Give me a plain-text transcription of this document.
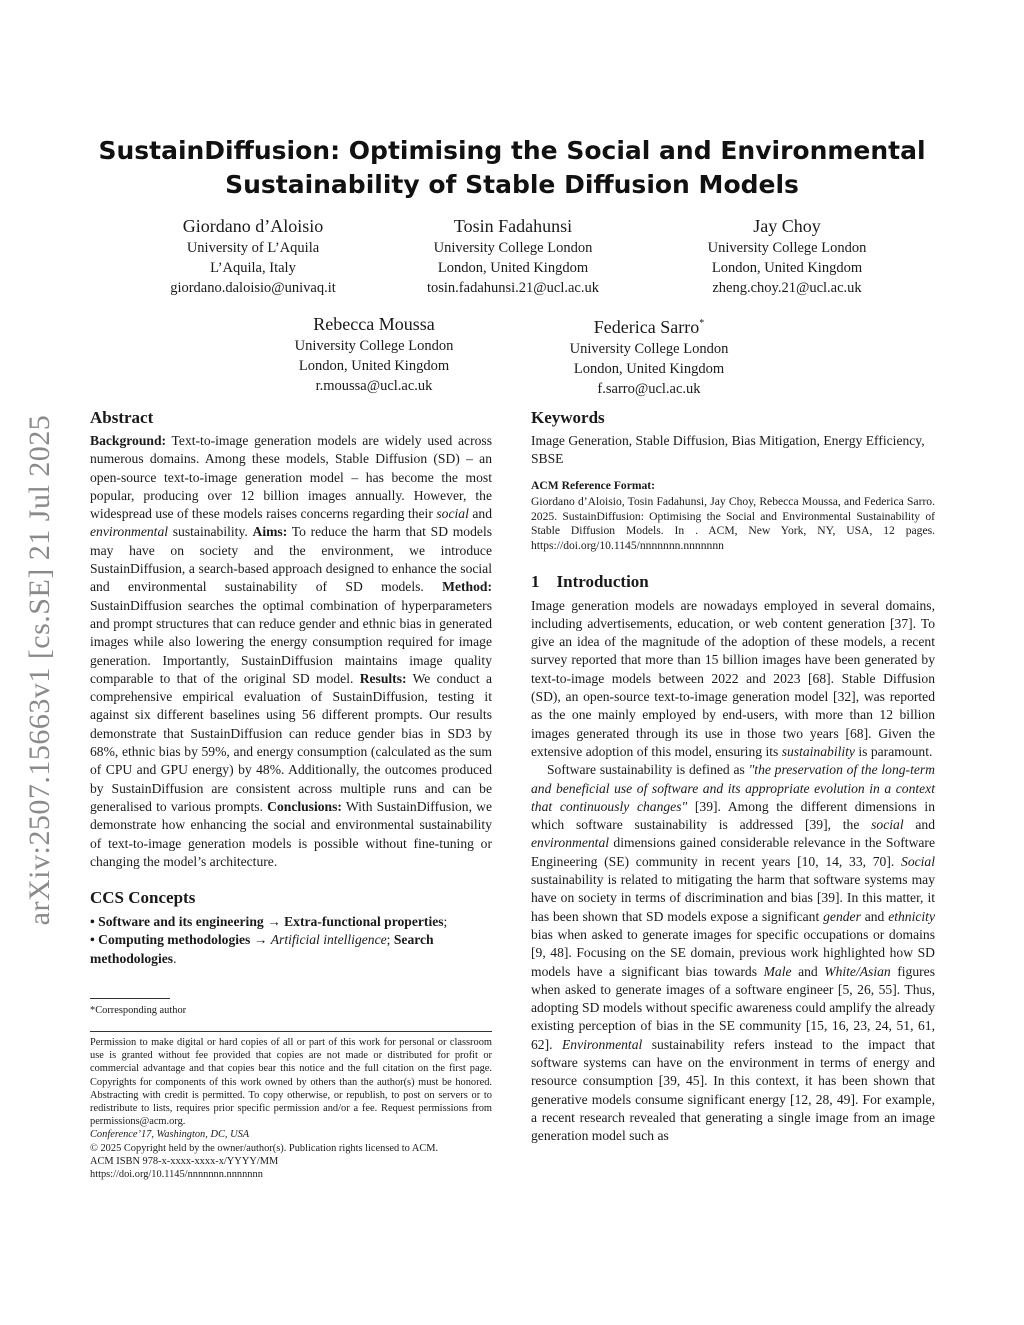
SustainDiffusion: Optimising the Social and Environmental
Sustainability of Stable Diffusion Models
Giordano d’Aloisio
University of L’Aquila
L’Aquila, Italy
giordano.daloisio@univaq.it
Tosin Fadahunsi
University College London
London, United Kingdom
tosin.fadahunsi.21@ucl.ac.uk
Jay Choy
University College London
London, United Kingdom
zheng.choy.21@ucl.ac.uk
Rebecca Moussa
University College London
London, United Kingdom
r.moussa@ucl.ac.uk
Federica Sarro*
University College London
London, United Kingdom
f.sarro@ucl.ac.uk
arXiv:2507.15663v1 [cs.SE] 21 Jul 2025 Abstract

Background: Text-to-image generation models are widely used across numerous domains. Among these models, Stable Diffusion (SD) – an open-source text-to-image generation model – has become the most popular, producing over 12 billion images annually. However, the widespread use of these models raises concerns regarding their social and environmental sustainability. Aims: To reduce the harm that SD models may have on society and the environment, we introduce SustainDiffusion, a search-based approach designed to enhance the social and environmental sustainability of SD models. Method: SustainDiffusion searches the optimal combination of hyperparameters and prompt structures that can reduce gender and ethnic bias in generated images while also lowering the energy consumption required for image generation. Importantly, SustainDiffusion maintains image quality comparable to that of the original SD model. Results: We conduct a comprehensive empirical evaluation of SustainDiffusion, testing it against six different baselines using 56 different prompts. Our results demonstrate that SustainDiffusion can reduce gender bias in SD3 by 68%, ethnic bias by 59%, and energy consumption (calculated as the sum of CPU and GPU energy) by 48%. Additionally, the outcomes produced by SustainDiffusion are consistent across multiple runs and can be generalised to various prompts. Conclusions: With SustainDiffusion, we demonstrate how enhancing the social and environmental sustainability of text-to-image generation models is possible without fine-tuning or changing the model’s architecture.

CCS Concepts

• Software and its engineering → Extra-functional properties;
• Computing methodologies → Artificial intelligence; Search methodologies.

*Corresponding author
Permission to make digital or hard copies of all or part of this work for personal or classroom use is granted without fee provided that copies are not made or distributed for profit or commercial advantage and that copies bear this notice and the full citation on the first page. Copyrights for components of this work owned by others than the author(s) must be honored. Abstracting with credit is permitted. To copy otherwise, or republish, to post on servers or to redistribute to lists, requires prior specific permission and/or a fee. Request permissions from permissions@acm.org.
Conference’17, Washington, DC, USA
© 2025 Copyright held by the owner/author(s). Publication rights licensed to ACM.
ACM ISBN 978-x-xxxx-xxxx-x/YYYY/MM
https://doi.org/10.1145/nnnnnnn.nnnnnnn
Keywords

Image Generation, Stable Diffusion, Bias Mitigation, Energy Efficiency, SBSE

ACM Reference Format:

Giordano d’Aloisio, Tosin Fadahunsi, Jay Choy, Rebecca Moussa, and Federica Sarro. 2025. SustainDiffusion: Optimising the Social and Environmental Sustainability of Stable Diffusion Models. In . ACM, New York, NY, USA, 12 pages. https://doi.org/10.1145/nnnnnnn.nnnnnnn

1    Introduction

Image generation models are nowadays employed in several domains, including advertisements, education, or web content generation [37]. To give an idea of the magnitude of the adoption of these models, a recent survey reported that more than 15 billion images have been generated by text-to-image models between 2022 and 2023 [68]. Stable Diffusion (SD), an open-source text-to-image generation model [32], was reported as the one mainly employed by end-users, with more than 12 billion images generated through its use in those two years [68]. Given the extensive adoption of this model, ensuring its sustainability is paramount.

Software sustainability is defined as "the preservation of the long-term and beneficial use of software and its appropriate evolution in a context that continuously changes" [39]. Among the different dimensions in which software sustainability is addressed [39], the social and environmental dimensions gained considerable relevance in the Software Engineering (SE) community in recent years [10, 14, 33, 70]. Social sustainability is related to mitigating the harm that software systems may have on society in terms of discrimination and bias [39]. In this matter, it has been shown that SD models expose a significant gender and ethnicity bias when asked to generate images for specific occupations or domains [9, 48]. Focusing on the SE domain, previous work highlighted how SD models have a significant bias towards Male and White/Asian figures when asked to generate images of a software engineer [5, 26, 55]. Thus, adopting SD models without specific awareness could amplify the already existing perception of bias in the SE community [15, 16, 23, 24, 51, 61, 62]. Environmental sustainability refers instead to the impact that software systems can have on the environment in terms of energy and resource consumption [39, 45]. In this context, it has been shown that generative models consume significant energy [12, 28, 49]. For example, a recent research revealed that generating a single image from an image generation model such as
